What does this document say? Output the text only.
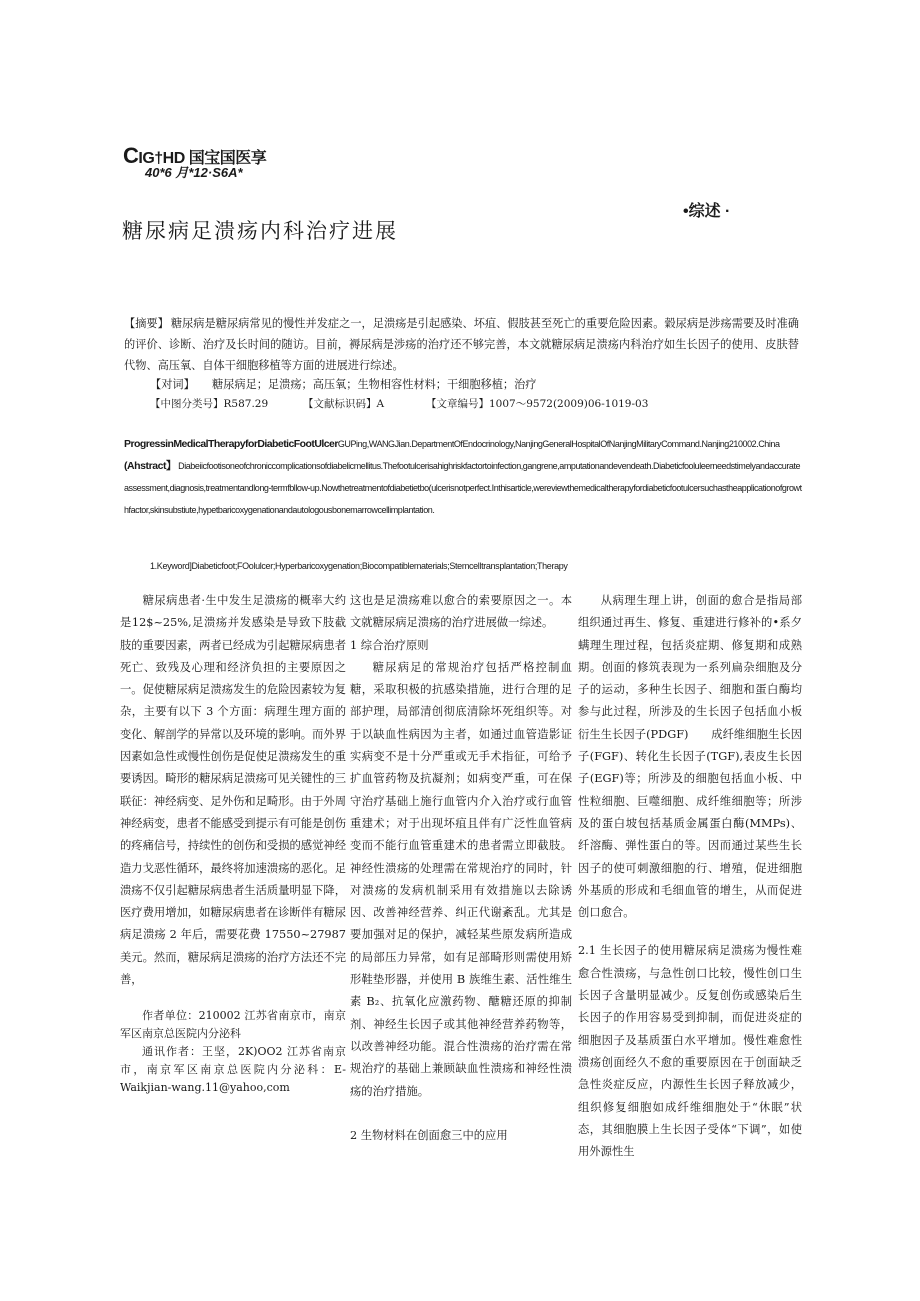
CIG†HD 国宝国医享
40*6 月*12·S6A*
•综述 ·
糖尿病足溃疡内科治疗进展
【摘要】 糖尿病是糖尿病常见的慢性并发症之一，足溃疡是引起感染、坏疽、假肢甚至死亡的重要危险因素。糓尿病是涉疡需要及时准确的评价、诊断、治疗及长时间的随访。目前，褥尿病是涉疡的治疗还不够完善，本文就糖尿病足溃疡内科治疗如生长因子的使用、皮肤替代物、高压氧、自体干细胞移植等方面的进展进行综述。
【对词】 糖尿病足；足溃疡；高压氧；生物相容性材料；干细胞移植；治疗
【中图分类号】R587.29	【文献标识码】A	【文章编号】1007～9572(2009)06-1019-03
ProgressinMedicalTherapyforDiabeticFootUlcerGUPing,WANGJian.DepartmentOfEndocrinology,NanjingGeneralHospitalOfNanjingMilitaryCommand.Nanjing210002.China
(Ahstract】 Diabeiicfootisoneofchroniccomplicationsofdiabelicmellitus.Thefootulcerisahighriskfactortoinfection,gangrene,amputationandevendeath.Diabeticfooluleerneedstimelyandaccurateassessment,diagnosis,treatmentandlong-termfbllow-up.Nowthetreatmentofdiabetietbo(ulcerisnotperfect.Inthisarticle,wereviewthemedicaltherapyfordiabeticfootulcersuchastheapplicationofgrowthfactor,skinsubstiute,hypetbaricoxygenationandautologousbonemarrowcellimplantation.
1.Keyword]Diabeticfoot;FOolulcer;Hyperbaricoxygenation;Biocompatiblematerials;Stemcelltransplantation;Therapy

糖尿病患者·生中发生足溃疡的概率大约是12$~25%,足溃疡并发感染是导致下肢截肢的重要因素，两者已经成为引起糖尿病患者死亡、致残及心理和经济负担的主要原因之一。促使糖尿病足溃疡发生的危险因素较为复杂，主要有以下 3 个方面：病理生理方面的变化、解剖学的异常以及环境的影响。而外界因素如急性或慢性创伤是促使足溃疡发生的重要诱因。畸形的糖尿病足溃疡可见关键性的三联征：神经病变、足外伤和足畸形。由于外周神经病变，患者不能感受到提示有可能是创伤的疼痛信号，持续性的创伤和受损的感觉神经造力戈恶性循环，最终将加速溃疡的恶化。足溃疡不仅引起糖尿病患者生活质量明显下降，医疗费用增加，如糖尿病患者在诊断伴有糖尿病足溃疡 2 年后，需要花费 17550~27987 美元。然而，糖尿病足溃疡的治疗方法还不完善，

作者单位：210002 江苏省南京市，南京军区南京总医院内分泌科

通讯作者：王坚，2K)OO2 江苏省南京市，南京军区南京总医院内分泌科：E-Waikjian-wang.11@yahoo,com

这也是足溃疡难以愈合的索要原因之一。本文就糖尿病足溃疡的治疗进展做一综述。

1 综合治疗原则

糖尿病足的常规治疗包括严格控制血糖，采取积极的抗感染措施，进行合理的足部护理，局部清创彻底清除坏死组织等。对于以缺血性病因为主者，如通过血管造影证实病变不是十分严重或无手术指征，可给予扩血管药物及抗凝剂；如病变严重，可在保守治疗基础上施行血管内介入治疗或行血管重建术；对于出现坏疽且伴有广泛性血管病变而不能行血管重建术的患者需立即截肢。神经性溃疡的处理需在常规治疗的同时，针对溃疡的发病机制采用有效措施以去除诱因、改善神经营养、纠正代谢紊乱。尤其是要加强对足的保护，减轻某些原发病所造成的局部压力异常，如有足部畸形则需使用矫形鞋垫形器，并使用 B 族维生素、活性维生素 B₂、抗氧化应激药物、醣糖还原的抑制剂、神经生长因子或其他神经营养药物等，以改善神经功能。混合性溃疡的治疗需在常规治疗的基础上兼顾缺血性溃疡和神经性溃疡的治疗措施。

2 生物材料在创面愈三中的应用

从病理生理上讲，创面的愈合是指局部组织通过再生、修复、重建进行修补的•系夕螨理生理过程，包括炎症期、修复期和成熟期。创面的修筑表现为一系列扁杂细胞及分子的运动，多种生长因子、细胞和蛋白酶均参与此过程，所涉及的生长因子包括血小板衍生生长因子(PDGF)　　成纤维细胞生长因子(FGF)、转化生长因子(TGF),表皮生长因子(EGF)等；所涉及的细胞包括血小板、中性粒细胞、巨噬细胞、成纤维细胞等；所涉及的蛋白坡包括基质金属蛋白酶(MMPs)、纤溶酶、弹性蛋白的等。因而通过某些生长因子的使可刺激细胞的行、增殖，促进细胞外基质的形成和毛细血管的增生，从而促进创口愈合。

2.1 生长因子的使用糖尿病足溃疡为慢性难愈合性溃疡，与急性创口比较，慢性创口生长因子含量明显减少。反复创伤或感染后生长因子的作用容易受到抑制，而促进炎症的细胞因子及基质蛋白水平增加。慢性难愈性溃疡创面经久不愈的重要原因在于创面缺乏急性炎症反应，内源性生长因子释放减少，组织修复细胞如成纤维细胞处于“休眠”状态，其细胞膜上生长因子受体“下调”，如使用外源性生
